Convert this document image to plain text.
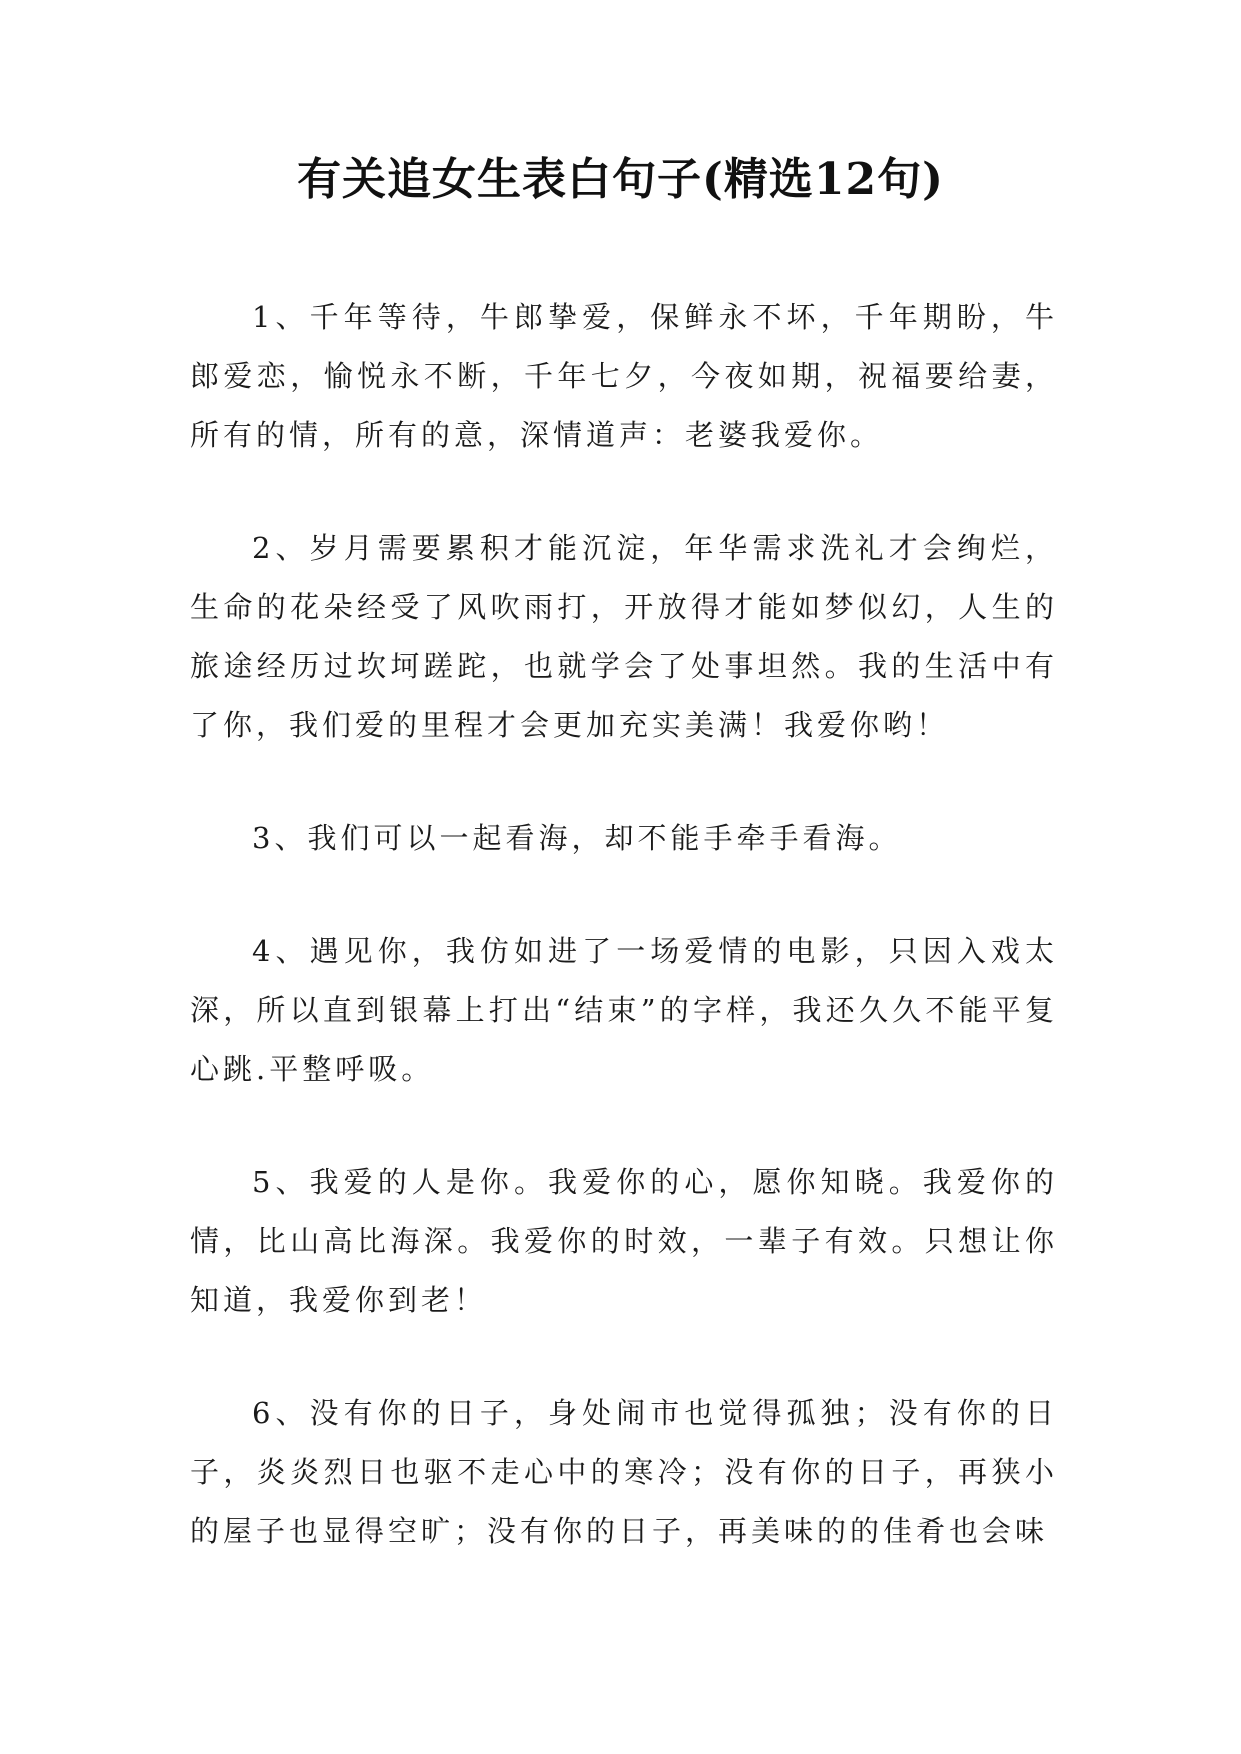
有关追女生表白句子(精选12句)

1、千年等待，牛郎挚爱，保鲜永不坏，千年期盼，牛郎爱恋，愉悦永不断，千年七夕，今夜如期，祝福要给妻，所有的情，所有的意，深情道声：老婆我爱你。

2、岁月需要累积才能沉淀，年华需求洗礼才会绚烂，生命的花朵经受了风吹雨打，开放得才能如梦似幻，人生的旅途经历过坎坷蹉跎，也就学会了处事坦然。我的生活中有了你，我们爱的里程才会更加充实美满！我爱你哟！

3、我们可以一起看海，却不能手牵手看海。

4、遇见你，我仿如进了一场爱情的电影，只因入戏太深，所以直到银幕上打出“结束”的字样，我还久久不能平复心跳.平整呼吸。

5、我爱的人是你。我爱你的心，愿你知晓。我爱你的情，比山高比海深。我爱你的时效，一辈子有效。只想让你知道，我爱你到老！

6、没有你的日子，身处闹市也觉得孤独；没有你的日子，炎炎烈日也驱不走心中的寒冷；没有你的日子，再狭小的屋子也显得空旷；没有你的日子，再美味的的佳肴也会味
